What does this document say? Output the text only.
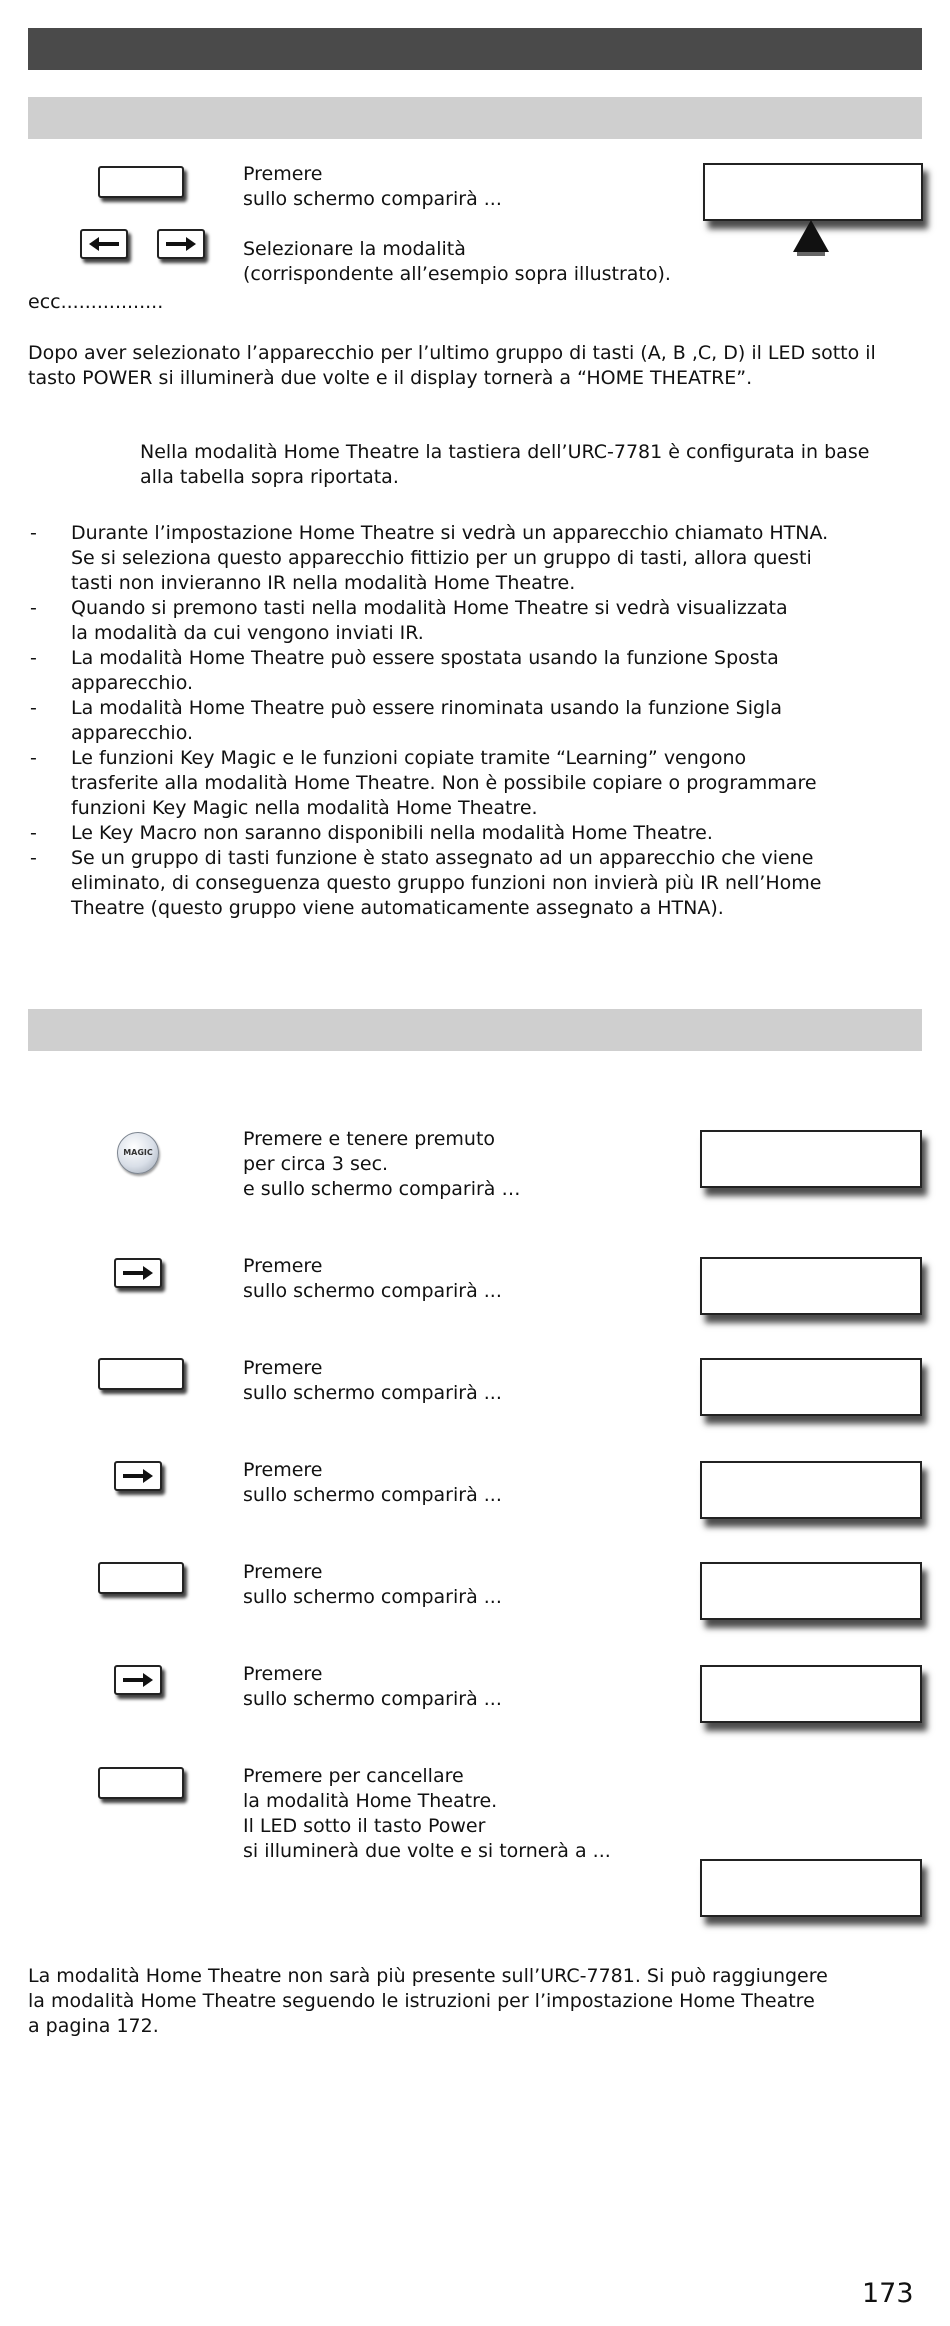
Premere
sullo schermo comparirà ...
Selezionare la modalità
(corrispondente all’esempio sopra illustrato).
ecc.................
Dopo aver selezionato l’apparecchio per l’ultimo gruppo di tasti (A, B ,C, D) il LED sotto il
tasto POWER si illuminerà due volte e il display tornerà a “HOME THEATRE”.
Nella modalità Home Theatre la tastiera dell’URC-7781 è configurata in base
alla tabella sopra riportata.
- Durante l’impostazione Home Theatre si vedrà un apparecchio chiamato HTNA.
Se si seleziona questo apparecchio fittizio per un gruppo di tasti, allora questi
tasti non invieranno IR nella modalità Home Theatre.
- Quando si premono tasti nella modalità Home Theatre si vedrà visualizzata
la modalità da cui vengono inviati IR.
- La modalità Home Theatre può essere spostata usando la funzione Sposta
apparecchio.
- La modalità Home Theatre può essere rinominata usando la funzione Sigla
apparecchio.
- Le funzioni Key Magic e le funzioni copiate tramite “Learning” vengono
trasferite alla modalità Home Theatre. Non è possibile copiare o programmare
funzioni Key Magic nella modalità Home Theatre.
- Le Key Macro non saranno disponibili nella modalità Home Theatre.
- Se un gruppo di tasti funzione è stato assegnato ad un apparecchio che viene
eliminato, di conseguenza questo gruppo funzioni non invierà più IR nell’Home
Theatre (questo gruppo viene automaticamente assegnato a HTNA).
MAGIC
Premere e tenere premuto
per circa 3 sec.
e sullo schermo comparirà …
Premere
sullo schermo comparirà ...
Premere
sullo schermo comparirà ...
Premere
sullo schermo comparirà ...
Premere
sullo schermo comparirà ...
Premere
sullo schermo comparirà ...
Premere per cancellare
la modalità Home Theatre.
Il LED sotto il tasto Power
si illuminerà due volte e si tornerà a ...
La modalità Home Theatre non sarà più presente sull’URC-7781. Si può raggiungere
la modalità Home Theatre seguendo le istruzioni per l’impostazione Home Theatre
a pagina 172.
173
